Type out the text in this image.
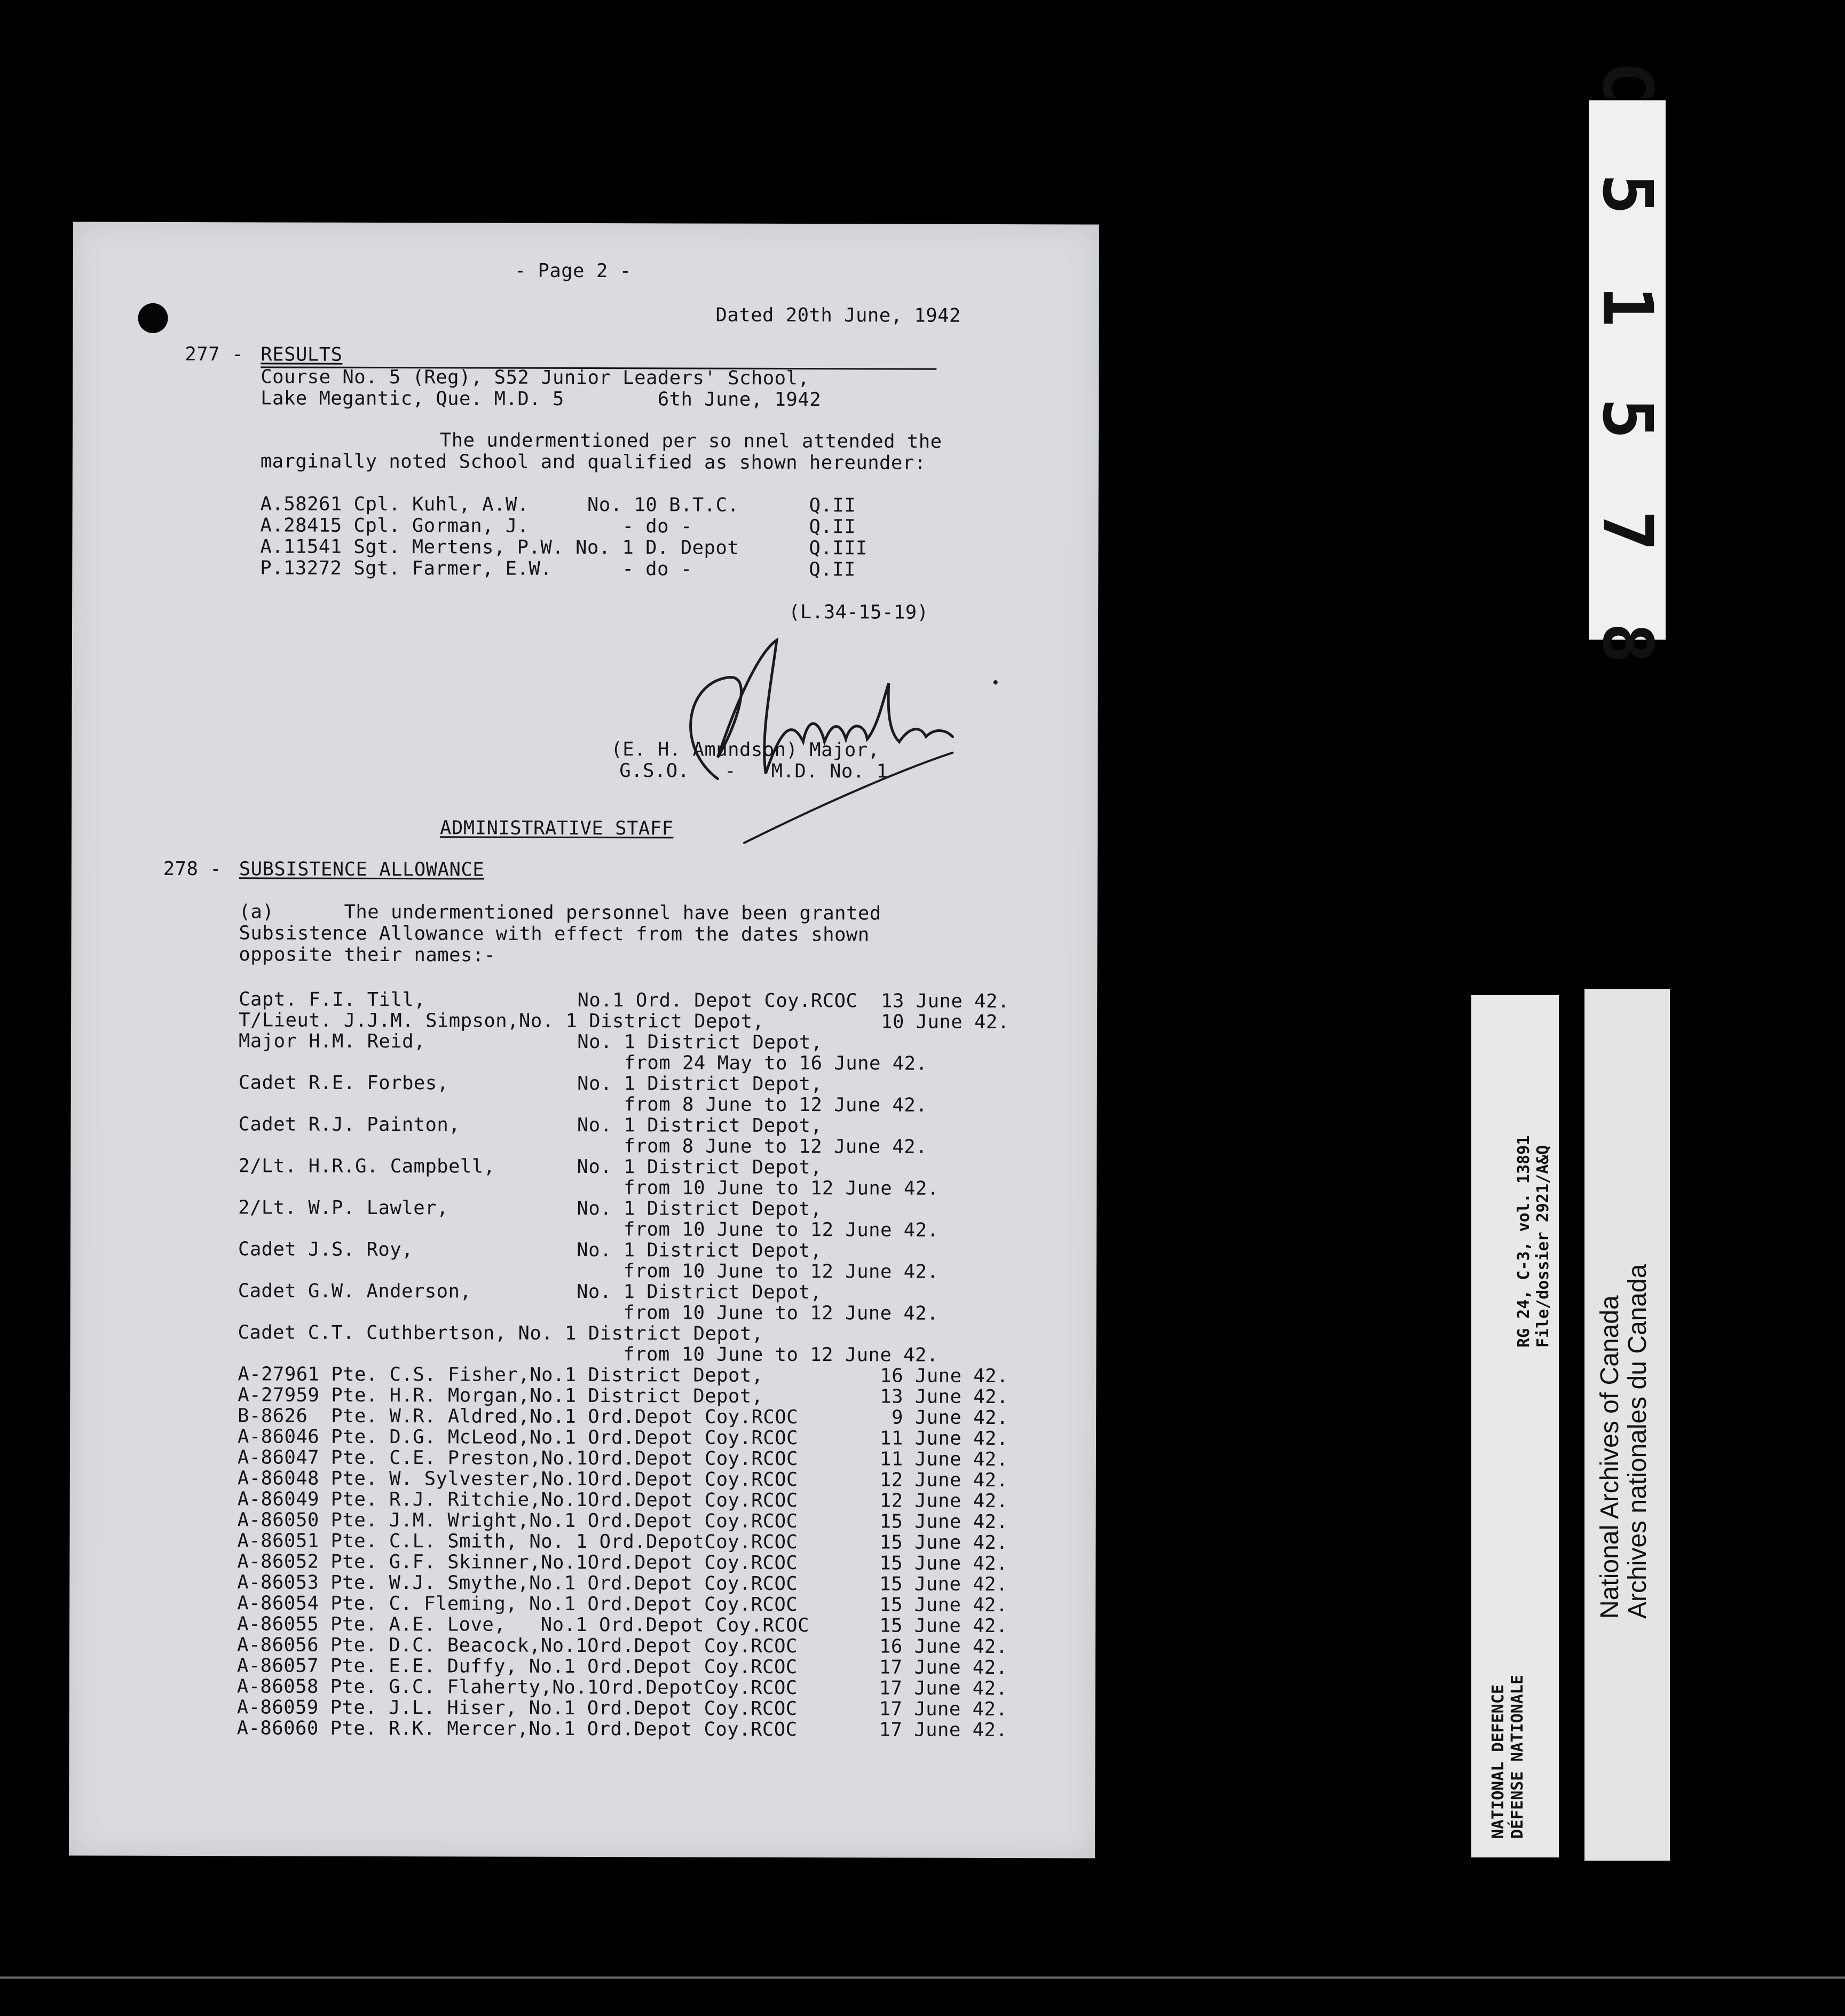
- Page 2 -
Dated 20th June, 1942
277 - RESULTS
Course No. 5 (Reg), S52 Junior Leaders' School,
Lake Megantic, Que. M.D. 5        6th June, 1942
The undermentioned per so nnel attended the
marginally noted School and qualified as shown hereunder:
A.58261 Cpl. Kuhl, A.W.     No. 10 B.T.C.      Q.II
A.28415 Cpl. Gorman, J.        - do -          Q.II
A.11541 Sgt. Mertens, P.W. No. 1 D. Depot      Q.III
P.13272 Sgt. Farmer, E.W.      - do -          Q.II
(L.34-15-19)
(E. H. Amundson) Major,
G.S.O.   -   M.D. No. 1
ADMINISTRATIVE STAFF
278 - SUBSISTENCE ALLOWANCE
(a)      The undermentioned personnel have been granted
Subsistence Allowance with effect from the dates shown
opposite their names:-
Capt. F.I. Till,             No.1 Ord. Depot Coy.RCOC  13 June 42.
T/Lieut. J.J.M. Simpson,No. 1 District Depot,          10 June 42.
Major H.M. Reid,             No. 1 District Depot,
from 24 May to 16 June 42.
Cadet R.E. Forbes,           No. 1 District Depot,
from 8 June to 12 June 42.
Cadet R.J. Painton,          No. 1 District Depot,
from 8 June to 12 June 42.
2/Lt. H.R.G. Campbell,       No. 1 District Depot,
from 10 June to 12 June 42.
2/Lt. W.P. Lawler,           No. 1 District Depot,
from 10 June to 12 June 42.
Cadet J.S. Roy,              No. 1 District Depot,
from 10 June to 12 June 42.
Cadet G.W. Anderson,         No. 1 District Depot,
from 10 June to 12 June 42.
Cadet C.T. Cuthbertson, No. 1 District Depot,
from 10 June to 12 June 42.
A-27961 Pte. C.S. Fisher,No.1 District Depot,          16 June 42.
A-27959 Pte. H.R. Morgan,No.1 District Depot,          13 June 42.
B-8626  Pte. W.R. Aldred,No.1 Ord.Depot Coy.RCOC        9 June 42.
A-86046 Pte. D.G. McLeod,No.1 Ord.Depot Coy.RCOC       11 June 42.
A-86047 Pte. C.E. Preston,No.1Ord.Depot Coy.RCOC       11 June 42.
A-86048 Pte. W. Sylvester,No.1Ord.Depot Coy.RCOC       12 June 42.
A-86049 Pte. R.J. Ritchie,No.1Ord.Depot Coy.RCOC       12 June 42.
A-86050 Pte. J.M. Wright,No.1 Ord.Depot Coy.RCOC       15 June 42.
A-86051 Pte. C.L. Smith, No. 1 Ord.DepotCoy.RCOC       15 June 42.
A-86052 Pte. G.F. Skinner,No.1Ord.Depot Coy.RCOC       15 June 42.
A-86053 Pte. W.J. Smythe,No.1 Ord.Depot Coy.RCOC       15 June 42.
A-86054 Pte. C. Fleming, No.1 Ord.Depot Coy.RCOC       15 June 42.
A-86055 Pte. A.E. Love,   No.1 Ord.Depot Coy.RCOC      15 June 42.
A-86056 Pte. D.C. Beacock,No.1Ord.Depot Coy.RCOC       16 June 42.
A-86057 Pte. E.E. Duffy, No.1 Ord.Depot Coy.RCOC       17 June 42.
A-86058 Pte. G.C. Flaherty,No.1Ord.DepotCoy.RCOC       17 June 42.
A-86059 Pte. J.L. Hiser, No.1 Ord.Depot Coy.RCOC       17 June 42.
A-86060 Pte. R.K. Mercer,No.1 Ord.Depot Coy.RCOC       17 June 42.
C 5 1 5 7 8
NATIONAL DEFENCE DÉFENSE NATIONALE
RG 24, C-3, vol. 13891 File/dossier 2921/A&Q
National Archives of Canada Archives nationales du Canada
